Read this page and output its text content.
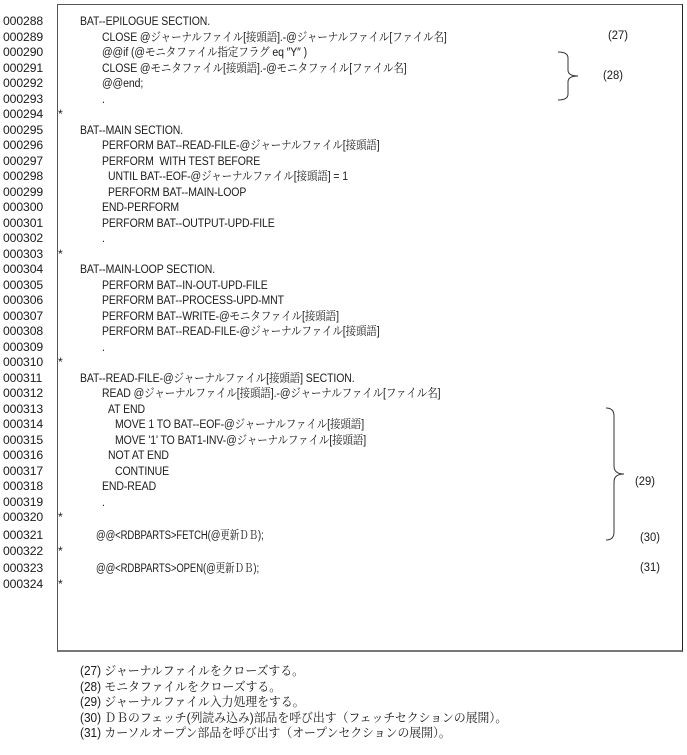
000288	BAT--EPILOGUE SECTION.
000289	CLOSE @ジャーナルファイル[接頭語].-@ジャーナルファイル[ファイル名]
000290	@@if (@モニタファイル指定フラグ eq ″Y″ )
000291	CLOSE @モニタファイル[接頭語].-@モニタファイル[ファイル名]
000292	@@end;
000293	.
000294	*
000295	BAT--MAIN SECTION.
000296	PERFORM BAT--READ-FILE-@ジャーナルファイル[接頭語]
000297	PERFORM  WITH TEST BEFORE
000298	UNTIL BAT--EOF-@ジャーナルファイル[接頭語] = 1
000299	PERFORM BAT--MAIN-LOOP
000300	END-PERFORM
000301	PERFORM BAT--OUTPUT-UPD-FILE
000302	.
000303	*
000304	BAT--MAIN-LOOP SECTION.
000305	PERFORM BAT--IN-OUT-UPD-FILE
000306	PERFORM BAT--PROCESS-UPD-MNT
000307	PERFORM BAT--WRITE-@モニタファイル[接頭語]
000308	PERFORM BAT--READ-FILE-@ジャーナルファイル[接頭語]
000309	.
000310	*
000311	BAT--READ-FILE-@ジャーナルファイル[接頭語] SECTION.
000312	READ @ジャーナルファイル[接頭語].-@ジャーナルファイル[ファイル名]
000313	AT END
000314	MOVE 1 TO BAT--EOF-@ジャーナルファイル[接頭語]
000315	MOVE '1' TO BAT1-INV-@ジャーナルファイル[接頭語]
000316	NOT AT END
000317	CONTINUE
000318	END-READ
000319	.
000320	*
000321	@@<RDBPARTS>FETCH(@更新ＤＢ);
000322	*
000323	@@<RDBPARTS>OPEN(@更新ＤＢ);
000324	*
(27)
(28)
(29)
(30)
(31)
(27) ジャーナルファイルをクローズする。
(28) モニタファイルをクローズする。
(29) ジャーナルファイル入力処理をする。
(30) ＤＢのフェッチ(列読み込み)部品を呼び出す（フェッチセクションの展開）。
(31) カーソルオープン部品を呼び出す（オープンセクションの展開）。
